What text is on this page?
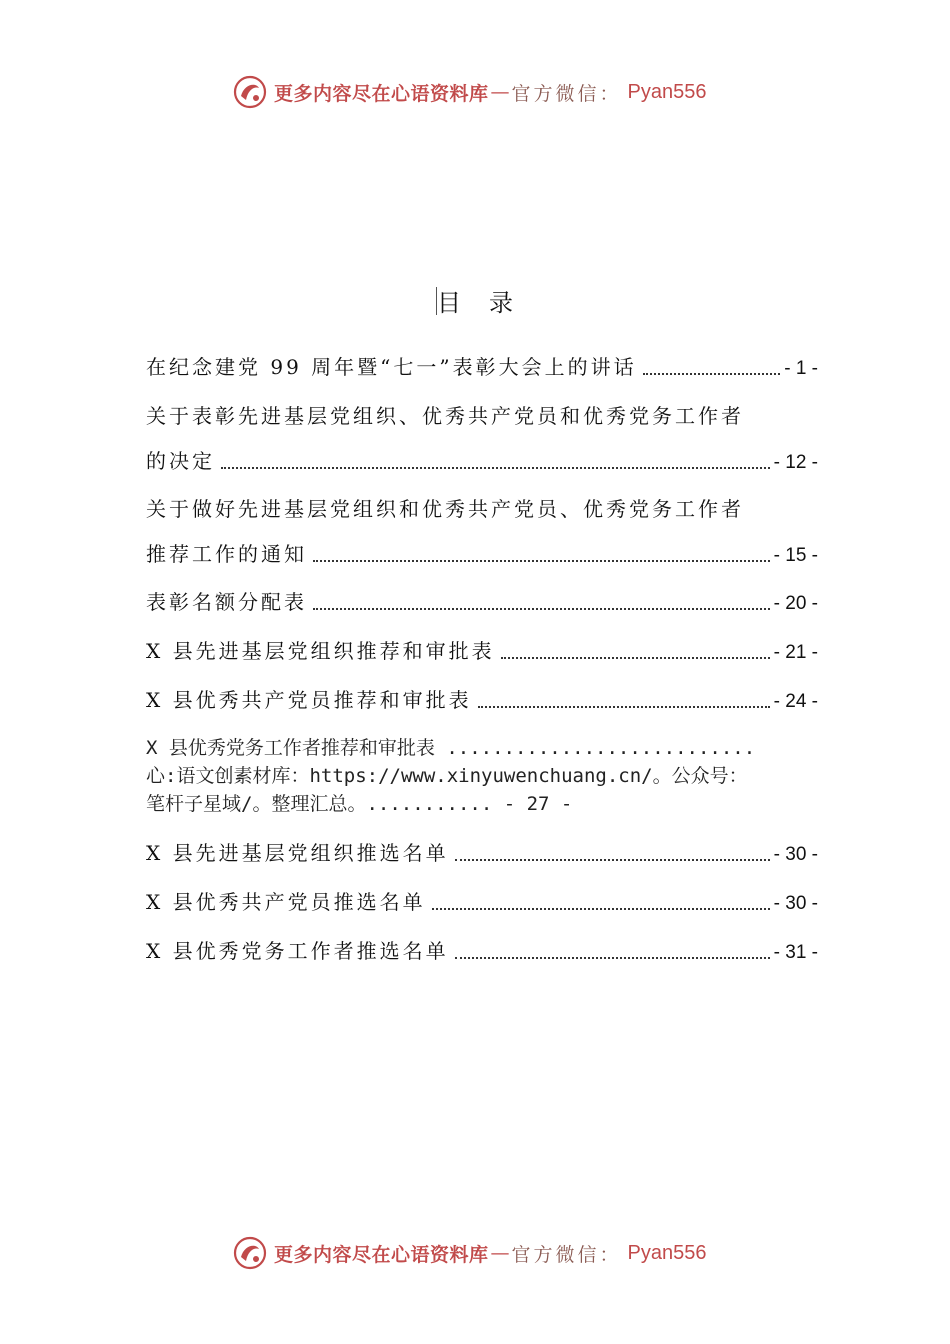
更多内容尽在心语资料库 — 官方微信： Pyan556
目录
在纪念建党 99 周年暨“七一”表彰大会上的讲话	- 1 -
关于表彰先进基层党组织、优秀共产党员和优秀党务工作者
的决定	- 12 -
关于做好先进基层党组织和优秀共产党员、优秀党务工作者
推荐工作的通知	- 15 -
表彰名额分配表	- 20 -
X 县先进基层党组织推荐和审批表	- 21 -
X 县优秀共产党员推荐和审批表	- 24 -
X 县优秀党务工作者推荐和审批表 ...........................
心:语文创素材库：https://www.xinyuwenchuang.cn/。公众号：
笔杆子星域/。整理汇总。........... - 27 -
X 县先进基层党组织推选名单	- 30 -
X 县优秀共产党员推选名单	- 30 -
X 县优秀党务工作者推选名单	- 31 -
更多内容尽在心语资料库 — 官方微信： Pyan556
